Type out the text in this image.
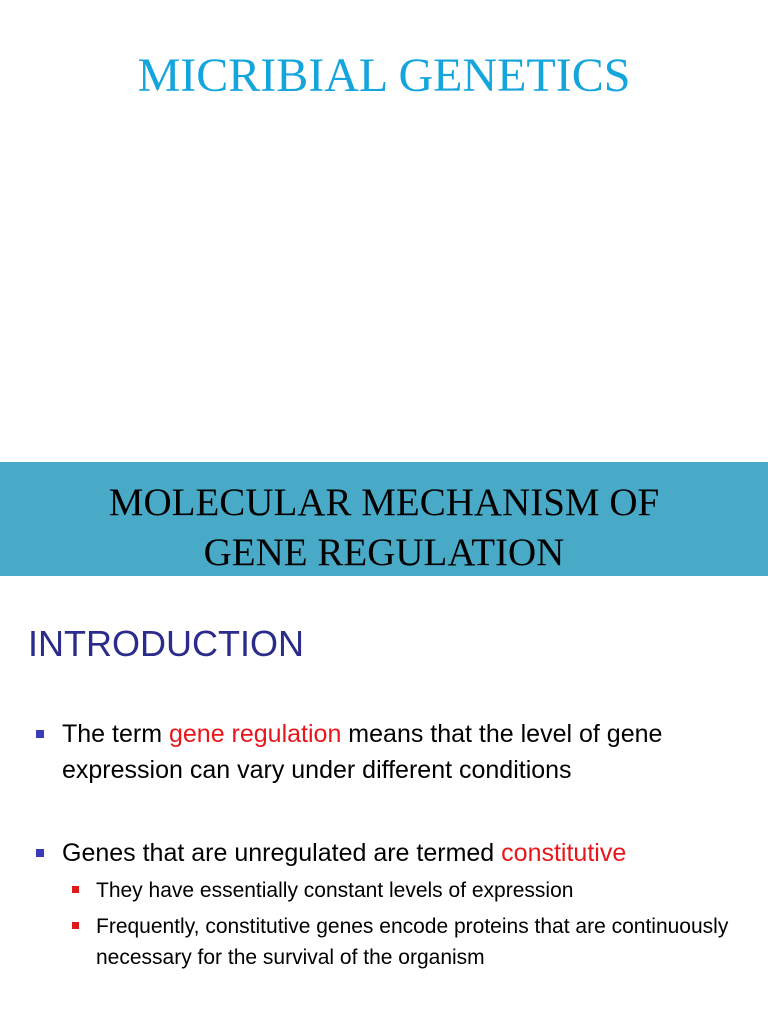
MICRIBIAL GENETICS
MOLECULAR MECHANISM OF
GENE REGULATION
INTRODUCTION
The term gene regulation means that the level of gene expression can vary under different conditions
Genes that are unregulated are termed constitutive
They have essentially constant levels of expression
Frequently, constitutive genes encode proteins that are continuously necessary for the survival of the organism
